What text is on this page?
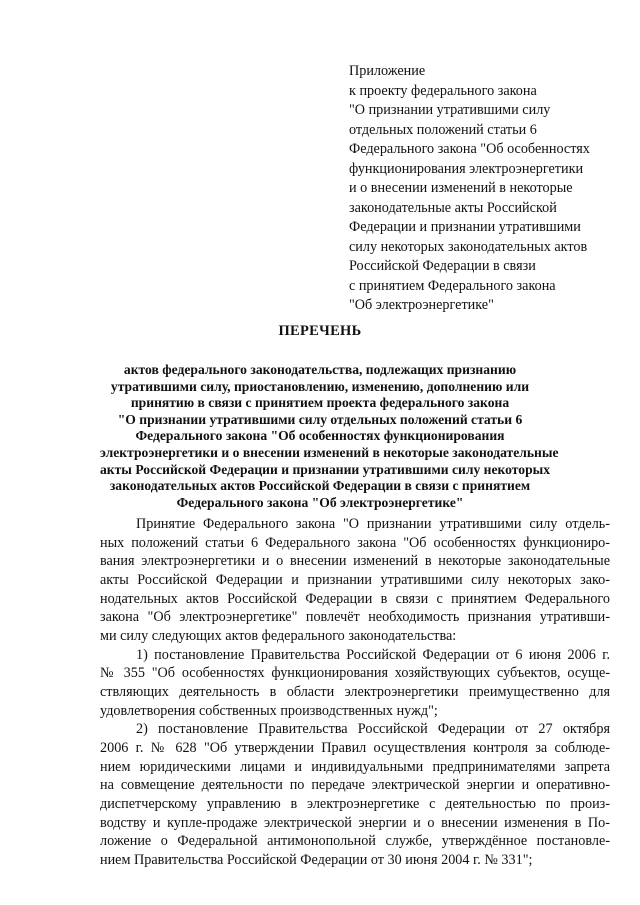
Приложение
к проекту федерального закона
"О признании утратившими силу
отдельных положений статьи 6
Федерального закона "Об особенностях
функционирования электроэнергетики
и о внесении изменений в некоторые
законодательные акты Российской
Федерации и признании утратившими
силу некоторых законодательных актов
Российской Федерации в связи
с принятием Федерального закона
"Об электроэнергетике"
ПЕРЕЧЕНЬ
актов федерального законодательства, подлежащих признанию
утратившими силу, приостановлению, изменению, дополнению или
принятию в связи с принятием проекта федерального закона
"О признании утратившими силу отдельных положений статьи 6
Федерального закона "Об особенностях функционирования
электроэнергетики и о внесении изменений в некоторые законодательные
акты Российской Федерации и признании утратившими силу некоторых
законодательных актов Российской Федерации в связи с принятием
Федерального закона "Об электроэнергетике"
Принятие Федерального закона "О признании утратившими силу отдель-
ных положений статьи 6 Федерального закона "Об особенностях функциониро-
вания электроэнергетики и о внесении изменений в некоторые законодательные
акты Российской Федерации и признании утратившими силу некоторых зако-
нодательных актов Российской Федерации в связи с принятием Федерального
закона "Об электроэнергетике" повлечёт необходимость признания утративши-
ми силу следующих актов федерального законодательства:
1) постановление Правительства Российской Федерации от 6 июня 2006 г.
№ 355 "Об особенностях функционирования хозяйствующих субъектов, осуще-
ствляющих деятельность в области электроэнергетики преимущественно для
удовлетворения собственных производственных нужд";
2) постановление Правительства Российской Федерации от 27 октября
2006 г. № 628 "Об утверждении Правил осуществления контроля за соблюде-
нием юридическими лицами и индивидуальными предпринимателями запрета
на совмещение деятельности по передаче электрической энергии и оперативно-
диспетчерскому управлению в электроэнергетике с деятельностью по произ-
водству и купле-продаже электрической энергии и о внесении изменения в По-
ложение о Федеральной антимонопольной службе, утверждённое постановле-
нием Правительства Российской Федерации от 30 июня 2004 г. № 331";
